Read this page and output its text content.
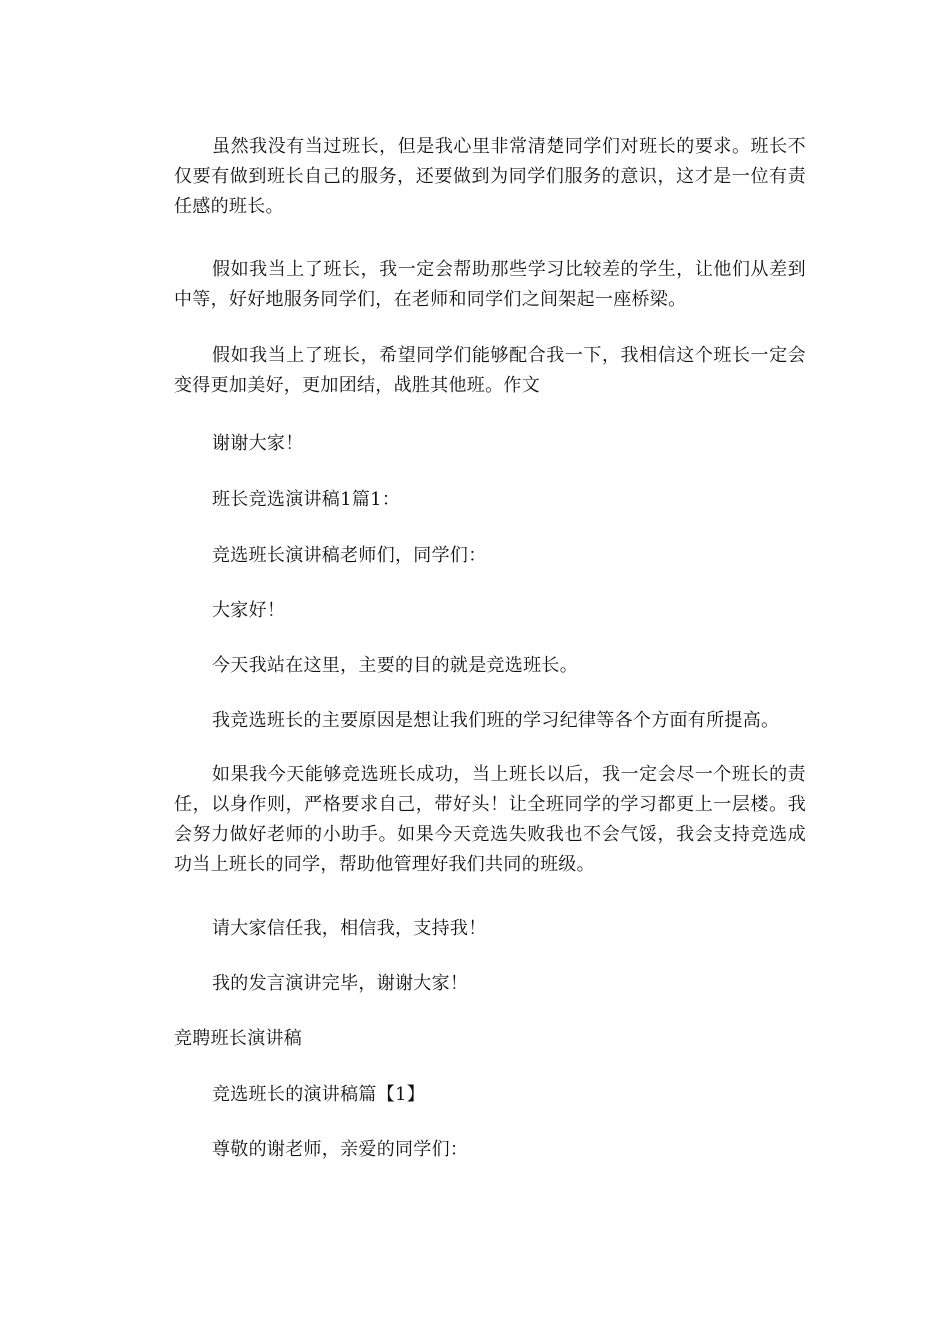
虽然我没有当过班长，但是我心里非常清楚同学们对班长的要求。班长不仅要有做到班长自己的服务，还要做到为同学们服务的意识，这才是一位有责任感的班长。

假如我当上了班长，我一定会帮助那些学习比较差的学生，让他们从差到中等，好好地服务同学们，在老师和同学们之间架起一座桥梁。

假如我当上了班长，希望同学们能够配合我一下，我相信这个班长一定会变得更加美好，更加团结，战胜其他班。作文

谢谢大家！

班长竞选演讲稿1篇1：

竞选班长演讲稿老师们，同学们：

大家好！

今天我站在这里，主要的目的就是竞选班长。

我竞选班长的主要原因是想让我们班的学习纪律等各个方面有所提高。

如果我今天能够竞选班长成功，当上班长以后，我一定会尽一个班长的责任，以身作则，严格要求自己，带好头！让全班同学的学习都更上一层楼。我会努力做好老师的小助手。如果今天竞选失败我也不会气馁，我会支持竞选成功当上班长的同学，帮助他管理好我们共同的班级。

请大家信任我，相信我，支持我！

我的发言演讲完毕，谢谢大家！

竞聘班长演讲稿

竞选班长的演讲稿篇【1】

尊敬的谢老师，亲爱的同学们：
